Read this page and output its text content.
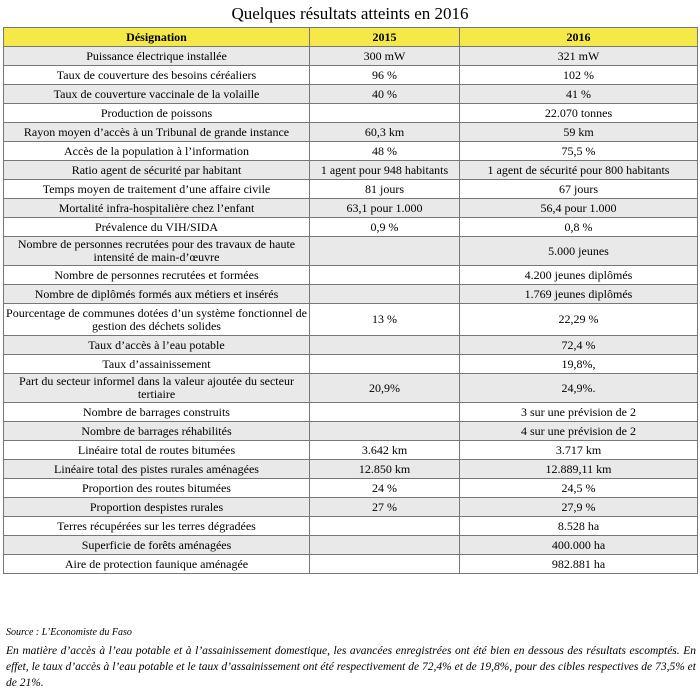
Quelques résultats atteints en 2016
Désignation	2015	2016
Puissance électrique installée	300 mW	321 mW
Taux de couverture des besoins céréaliers	96 %	102 %
Taux de couverture vaccinale de la volaille	40 %	41 %
Production de poissons		22.070 tonnes
Rayon moyen d’accès à un Tribunal de grande instance	60,3 km	59 km
Accès de la population à l’information	48 %	75,5 %
Ratio agent de sécurité par habitant	1 agent pour 948 habitants	1 agent de sécurité pour 800 habitants
Temps moyen de traitement d’une affaire civile	81 jours	67 jours
Mortalité infra-hospitalière chez l’enfant	63,1 pour 1.000	56,4 pour 1.000
Prévalence du VIH/SIDA	0,9 %	0,8 %
Nombre de personnes recrutées pour des travaux de haute intensité de main-d’œuvre		5.000 jeunes
Nombre de personnes recrutées et formées		4.200 jeunes diplômés
Nombre de diplômés formés aux métiers et insérés		1.769 jeunes diplômés
Pourcentage de communes dotées d’un système fonctionnel de gestion des déchets solides	13 %	22,29 %
Taux d’accès à l’eau potable		72,4 %
Taux d’assainissement		19,8%,
Part du secteur informel dans la valeur ajoutée du secteur tertiaire	20,9%	24,9%.
Nombre de barrages construits		3 sur une prévision de 2
Nombre de barrages réhabilités		4 sur une prévision de 2
Linéaire total de routes bitumées	3.642 km	3.717 km
Linéaire total des pistes rurales aménagées	12.850 km	12.889,11 km
Proportion des routes bitumées	24 %	24,5 %
Proportion despistes rurales	27 %	27,9 %
Terres récupérées sur les terres dégradées		8.528 ha
Superficie de forêts aménagées		400.000 ha
Aire de protection faunique aménagée		982.881 ha
Source : L’Economiste du Faso
En matière d’accès à l’eau potable et à l’assainissement domestique, les avancées enregistrées ont été bien en dessous des résultats escomptés. En effet, le taux d’accès à l’eau potable et le taux d’assainissement ont été respectivement de 72,4% et de 19,8%, pour des cibles respectives de 73,5% et de 21%.
